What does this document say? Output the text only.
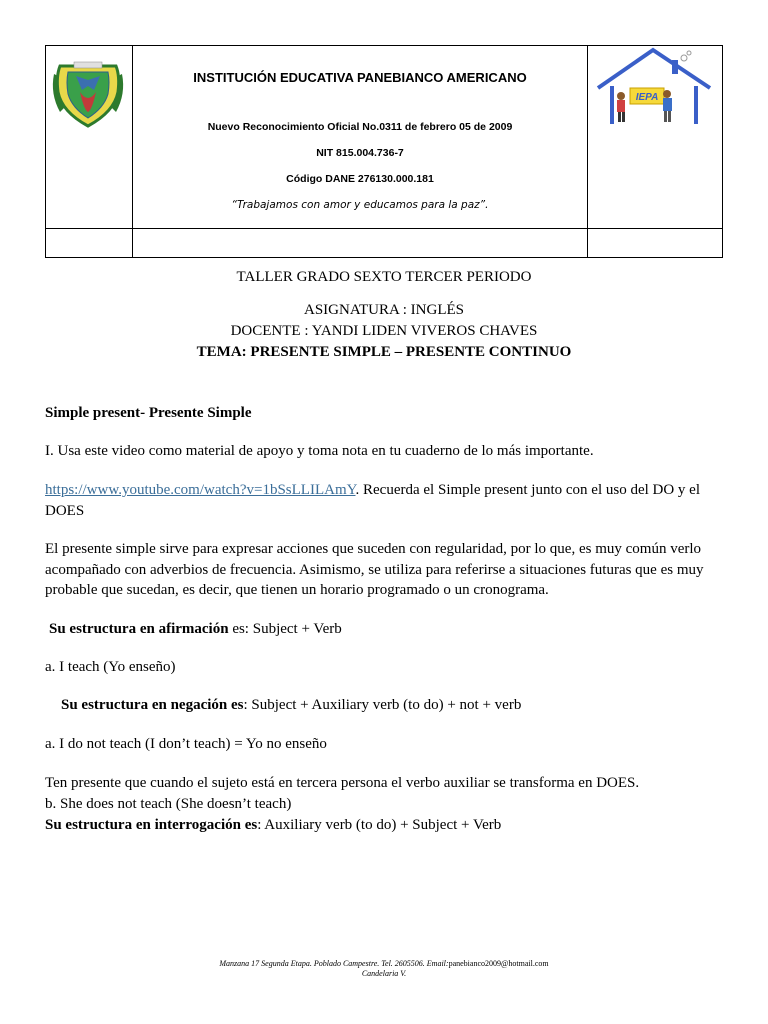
INSTITUCIÓN EDUCATIVA PANEBIANCO AMERICANO

Nuevo Reconocimiento Oficial No.0311 de febrero 05 de 2009

NIT 815.004.736-7

Código DANE 276130.000.181

“Trabajamos con amor y educamos para la paz”.	IEPA

TALLER GRADO SEXTO TERCER PERIODO
ASIGNATURA : INGLÉS
DOCENTE : YANDI LIDEN VIVEROS CHAVES
TEMA: PRESENTE SIMPLE – PRESENTE CONTINUO

Simple present- Presente Simple

I. Usa este video como material de apoyo y toma nota en tu cuaderno de lo más importante.

https://www.youtube.com/watch?v=1bSsLLILAmY. Recuerda el Simple present junto con el uso del DO y el DOES

El presente simple sirve para expresar acciones que suceden con regularidad, por lo que, es muy común verlo acompañado con adverbios de frecuencia. Asimismo, se utiliza para referirse a situaciones futuras que es muy probable que sucedan, es decir, que tienen un horario programado o un cronograma.

Su estructura en afirmación es: Subject + Verb

a. I teach (Yo enseño)

Su estructura en negación es: Subject + Auxiliary verb (to do) + not + verb

a. I do not teach (I don’t teach) = Yo no enseño

Ten presente que cuando el sujeto está en tercera persona el verbo auxiliar se transforma en DOES.

b. She does not teach (She doesn’t teach)

Su estructura en interrogación es: Auxiliary verb (to do) + Subject + Verb

Manzana 17 Segunda Etapa. Poblado Campestre. Tel. 2605506. Email:panebianco2009@hotmail.com
Candelaria V.
